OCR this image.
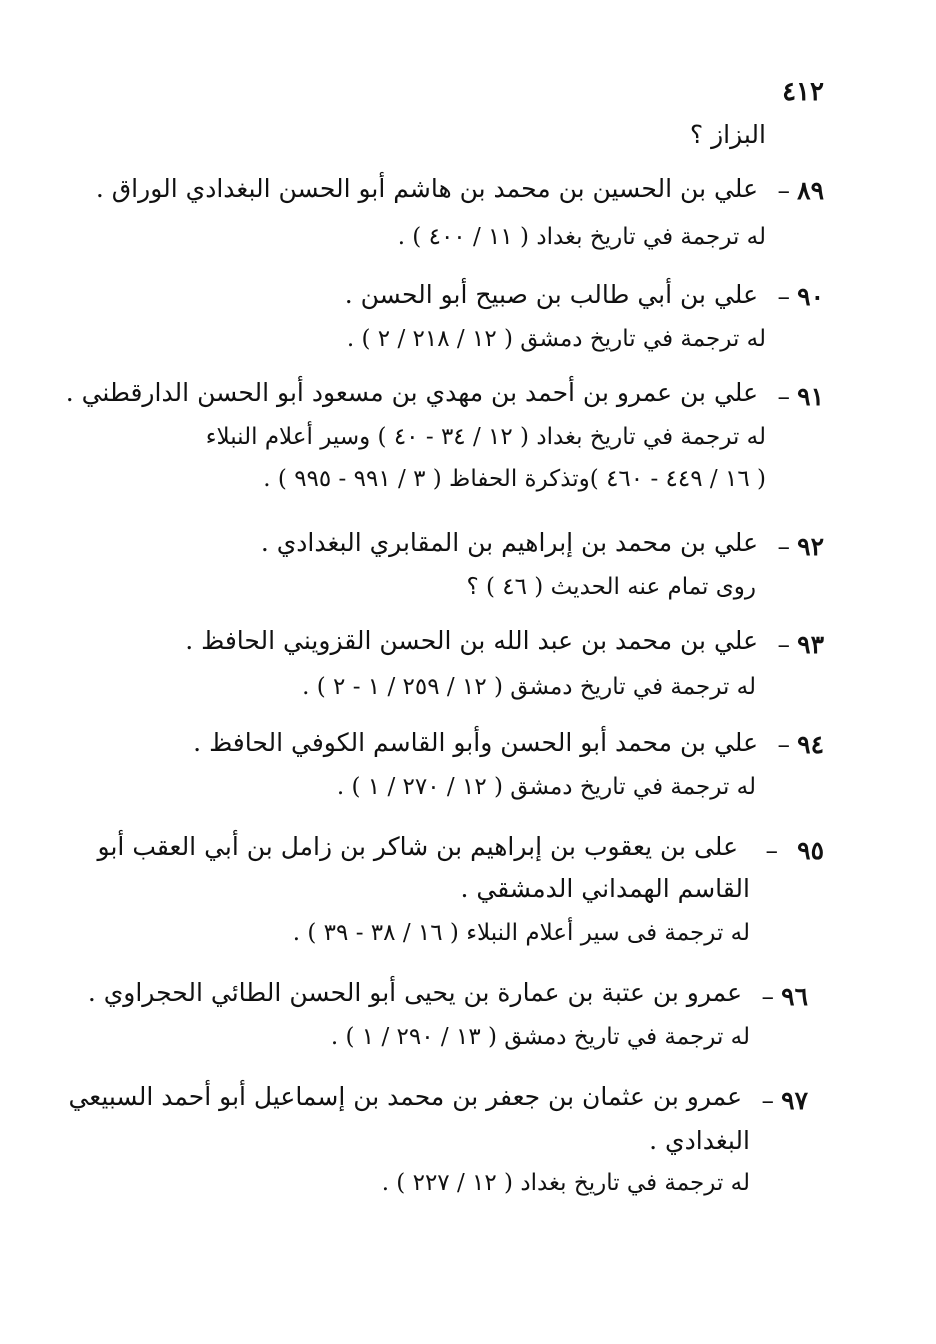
٤١٢
البزاز ؟
٨٩
–
علي بن الحسين بن محمد بن هاشم أبو الحسن البغدادي الوراق .
له ترجمة في تاريخ بغداد ( ١١ / ٤٠٠ ) .
٩٠
–
علي بن أبي طالب بن صبيح أبو الحسن .
له ترجمة في تاريخ دمشق ( ١٢ / ٢١٨ / ٢ ) .
٩١
–
علي بن عمرو بن أحمد بن مهدي بن مسعود أبو الحسن الدارقطني .
له ترجمة في تاريخ بغداد ( ١٢ / ٣٤ - ٤٠ ) وسير أعلام النبلاء
( ١٦ / ٤٤٩ - ٤٦٠ )وتذكرة الحفاظ ( ٣ / ٩٩١ - ٩٩٥ ) .
٩٢
–
علي بن محمد بن إبراهيم بن المقابري البغدادي .
روى تمام عنه الحديث ( ٤٦ ) ؟
٩٣
–
علي بن محمد بن عبد الله بن الحسن القزويني الحافظ .
له ترجمة في تاريخ دمشق ( ١٢ / ٢٥٩ / ١ - ٢ ) .
٩٤
–
علي بن محمد أبو الحسن وأبو القاسم الكوفي الحافظ .
له ترجمة في تاريخ دمشق ( ١٢ / ٢٧٠ / ١ ) .
٩٥
–
على بن يعقوب بن إبراهيم بن شاكر بن زامل بن أبي العقب أبو
القاسم الهمداني الدمشقي .
له ترجمة فى سير أعلام النبلاء ( ١٦ / ٣٨ - ٣٩ ) .
٩٦
–
عمرو بن عتبة بن عمارة بن يحيى أبو الحسن الطائي الحجراوي .
له ترجمة في تاريخ دمشق ( ١٣ / ٢٩٠ / ١ ) .
٩٧
–
عمرو بن عثمان بن جعفر بن محمد بن إسماعيل أبو أحمد السبيعي
البغدادي .
له ترجمة في تاريخ بغداد ( ١٢ / ٢٢٧ ) .
